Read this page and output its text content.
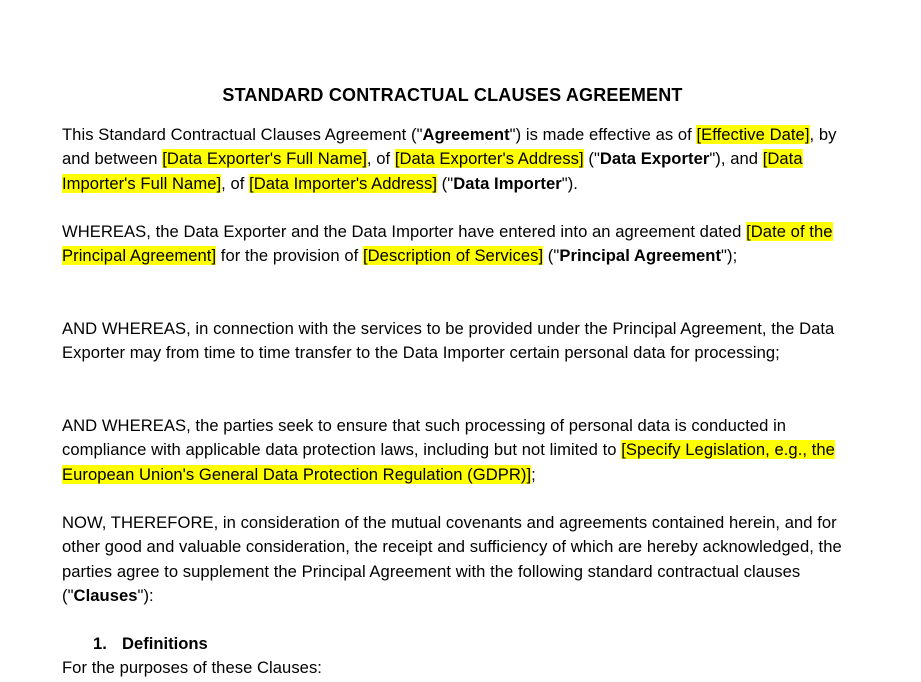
STANDARD CONTRACTUAL CLAUSES AGREEMENT
This Standard Contractual Clauses Agreement ("Agreement") is made effective as of [Effective Date], by and between [Data Exporter's Full Name], of [Data Exporter's Address] ("Data Exporter"), and [Data Importer's Full Name], of [Data Importer's Address] ("Data Importer").
WHEREAS, the Data Exporter and the Data Importer have entered into an agreement dated [Date of the Principal Agreement] for the provision of [Description of Services] ("Principal Agreement");
AND WHEREAS, in connection with the services to be provided under the Principal Agreement, the Data Exporter may from time to time transfer to the Data Importer certain personal data for processing;
AND WHEREAS, the parties seek to ensure that such processing of personal data is conducted in compliance with applicable data protection laws, including but not limited to [Specify Legislation, e.g., the European Union's General Data Protection Regulation (GDPR)];
NOW, THEREFORE, in consideration of the mutual covenants and agreements contained herein, and for other good and valuable consideration, the receipt and sufficiency of which are hereby acknowledged, the parties agree to supplement the Principal Agreement with the following standard contractual clauses ("Clauses"):
1. Definitions
For the purposes of these Clauses:
